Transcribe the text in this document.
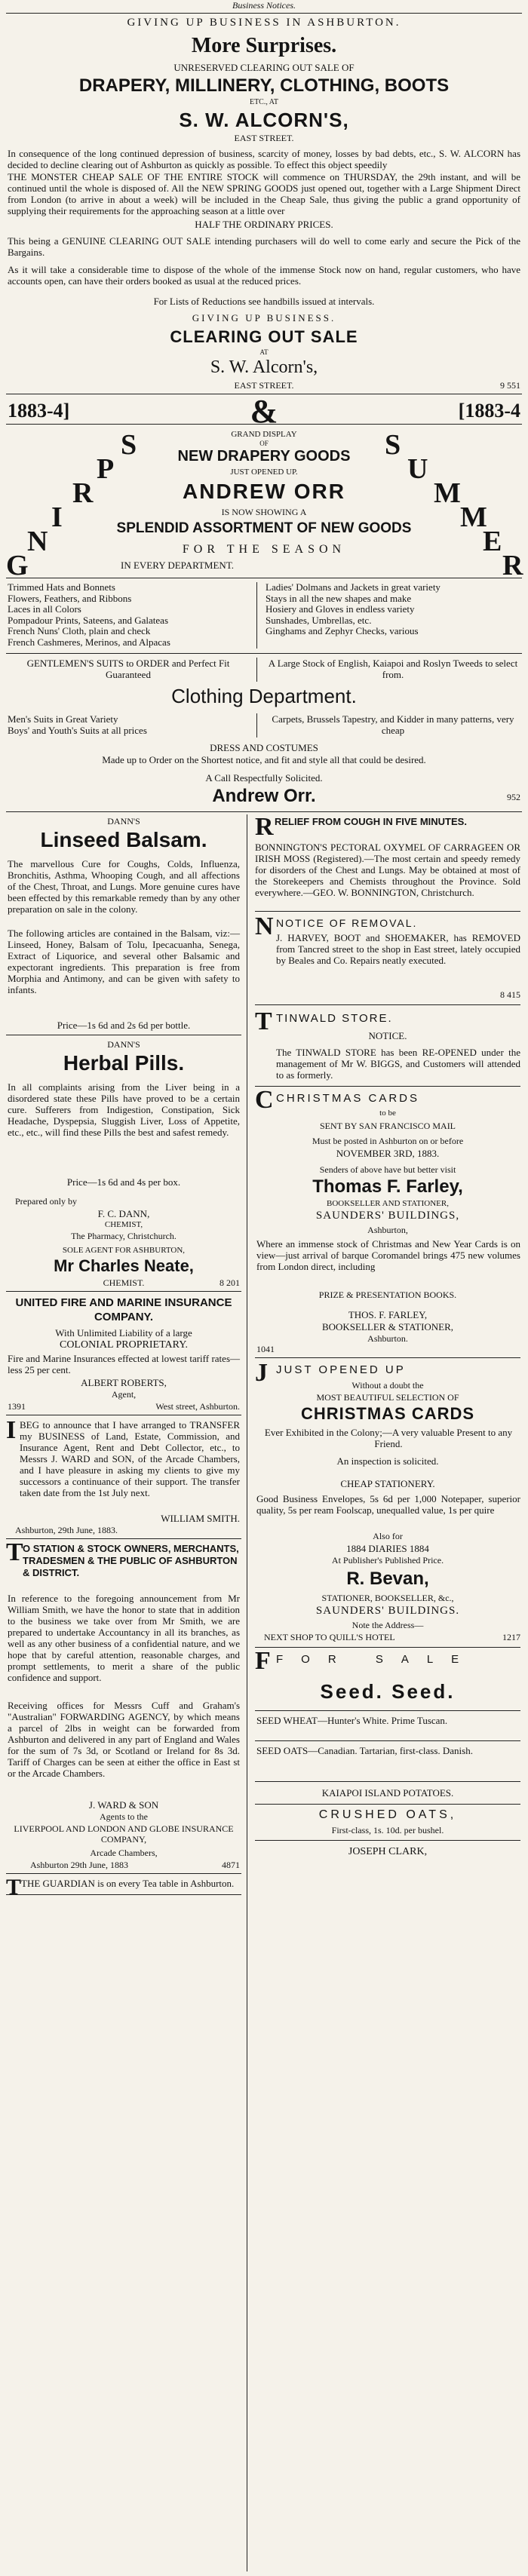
Business Notices.
GIVING UP BUSINESS IN ASHBURTON.
More Surprises.
UNRESERVED CLEARING OUT SALE OF
DRAPERY, MILLINERY, CLOTHING, BOOTS
ETC., AT
S. W. ALCORN'S,
EAST STREET.
In consequence of the long continued depression of business, scarcity of money, losses by bad debts, etc., S. W. ALCORN has decided to decline clearing out of Ashburton as quickly as possible. To effect this object speedily
THE MONSTER CHEAP SALE OF THE ENTIRE STOCK will commence on THURSDAY, the 29th instant, and will be continued until the whole is disposed of. All the NEW SPRING GOODS just opened out, together with a Large Shipment Direct from London (to arrive in about a week) will be included in the Cheap Sale, thus giving the public a grand opportunity of supplying their requirements for the approaching season at a little over
HALF THE ORDINARY PRICES.
This being a GENUINE CLEARING OUT SALE intending purchasers will do well to come early and secure the Pick of the Bargains.
As it will take a considerable time to dispose of the whole of the immense Stock now on hand, regular customers, who have accounts open, can have their orders booked as usual at the reduced prices.
For Lists of Reductions see handbills issued at intervals.
GIVING UP BUSINESS.
CLEARING OUT SALE
AT
S. W. Alcorn's,
EAST STREET.	9 551
1883-4]	&	[1883-4
S
P
R
I
N
G
S
U
M
M
E
R
GRAND DISPLAY
OF
NEW DRAPERY GOODS
JUST OPENED UP.
ANDREW ORR
IS NOW SHOWING A
SPLENDID ASSORTMENT OF NEW GOODS
FOR THE SEASON
IN EVERY DEPARTMENT.
Trimmed Hats and Bonnets
Flowers, Feathers, and Ribbons
Laces in all Colors
Pompadour Prints, Sateens, and Galateas
French Nuns' Cloth, plain and check
French Cashmeres, Merinos, and Alpacas
Ladies' Dolmans and Jackets in great variety
Stays in all the new shapes and make
Hosiery and Gloves in endless variety
Sunshades, Umbrellas, etc.
Ginghams and Zephyr Checks, various
GENTLEMEN'S SUITS to ORDER and Perfect Fit Guaranteed
A Large Stock of English, Kaiapoi and Roslyn Tweeds to select from.
Clothing Department.
Men's Suits in Great Variety
Boys' and Youth's Suits at all prices
Carpets, Brussels Tapestry, and Kidder in many patterns, very cheap
DRESS AND COSTUMES
Made up to Order on the Shortest notice, and fit and style all that could be desired.
A Call Respectfully Solicited.
Andrew Orr.	952
DANN'S
Linseed Balsam.
The marvellous Cure for Coughs, Colds, Influenza, Bronchitis, Asthma, Whooping Cough, and all affections of the Chest, Throat, and Lungs. More genuine cures have been effected by this remarkable remedy than by any other preparation on sale in the colony.
The following articles are contained in the Balsam, viz:—Linseed, Honey, Balsam of Tolu, Ipecacuanha, Senega, Extract of Liquorice, and several other Balsamic and expectorant ingredients. This preparation is free from Morphia and Antimony, and can be given with safety to infants.
Price—1s 6d and 2s 6d per bottle.
DANN'S
Herbal Pills.
In all complaints arising from the Liver being in a disordered state these Pills have proved to be a certain cure. Sufferers from Indigestion, Constipation, Sick Headache, Dyspepsia, Sluggish Liver, Loss of Appetite, etc., etc., will find these Pills the best and safest remedy.
Price—1s 6d and 4s per box.
Prepared only by
F. C. DANN,
CHEMIST,
The Pharmacy, Christchurch.
SOLE AGENT FOR ASHBURTON,
Mr Charles Neate,
CHEMIST.	8 201
UNITED FIRE AND MARINE INSURANCE COMPANY.
With Unlimited Liability of a large
COLONIAL PROPRIETARY.
Fire and Marine Insurances effected at lowest tariff rates—less 25 per cent.
ALBERT ROBERTS,
Agent,
1391	West street, Ashburton.
I BEG to announce that I have arranged to TRANSFER my BUSINESS of Land, Estate, Commission, and Insurance Agent, Rent and Debt Collector, etc., to Messrs J. WARD and SON, of the Arcade Chambers, and I have pleasure in asking my clients to give my successors a continuance of their support. The transfer taken date from the 1st July next.
WILLIAM SMITH.
Ashburton, 29th June, 1883.
T O STATION & STOCK OWNERS, MERCHANTS, TRADESMEN & THE PUBLIC OF ASHBURTON & DISTRICT.
In reference to the foregoing announcement from Mr William Smith, we have the honor to state that in addition to the business we take over from Mr Smith, we are prepared to undertake Accountancy in all its branches, as well as any other business of a confidential nature, and we hope that by careful attention, reasonable charges, and prompt settlements, to merit a share of the public confidence and support.
Receiving offices for Messrs Cuff and Graham's "Australian" FORWARDING AGENCY, by which means a parcel of 2lbs in weight can be forwarded from Ashburton and delivered in any part of England and Wales for the sum of 7s 3d, or Scotland or Ireland for 8s 3d. Tariff of Charges can be seen at either the office in East st or the Arcade Chambers.
J. WARD & SON
Agents to the
LIVERPOOL AND LONDON AND GLOBE INSURANCE COMPANY,
Arcade Chambers,
Ashburton 29th June, 1883	4871
T THE GUARDIAN is on every Tea table in Ashburton.
R RELIEF FROM COUGH IN FIVE MINUTES.
BONNINGTON'S PECTORAL OXYMEL OF CARRAGEEN OR IRISH MOSS (Registered).—The most certain and speedy remedy for disorders of the Chest and Lungs. May be obtained at most of the Storekeepers and Chemists throughout the Province. Sold everywhere.—GEO. W. BONNINGTON, Christchurch.
N NOTICE OF REMOVAL.
J. HARVEY, BOOT and SHOEMAKER, has REMOVED from Tancred street to the shop in East street, lately occupied by Beales and Co. Repairs neatly executed.
8 415
T TINWALD STORE.
NOTICE.
The TINWALD STORE has been RE-OPENED under the management of Mr W. BIGGS, and Customers will attended to as formerly.
C CHRISTMAS CARDS
to be
SENT BY SAN FRANCISCO MAIL
Must be posted in Ashburton on or before
NOVEMBER 3RD, 1883.
Senders of above have but better visit
Thomas F. Farley,
BOOKSELLER AND STATIONER,
SAUNDERS' BUILDINGS,
Ashburton,
Where an immense stock of Christmas and New Year Cards is on view—just arrival of barque Coromandel brings 475 new volumes from London direct, including
PRIZE & PRESENTATION BOOKS.
THOS. F. FARLEY,
BOOKSELLER & STATIONER,
Ashburton.
1041
J JUST OPENED UP
Without a doubt the
MOST BEAUTIFUL SELECTION OF
CHRISTMAS CARDS
Ever Exhibited in the Colony;—A very valuable Present to any Friend.
An inspection is solicited.
CHEAP STATIONERY.
Good Business Envelopes, 5s 6d per 1,000 Notepaper, superior quality, 5s per ream Foolscap, unequalled value, 1s per quire
Also for
1884 DIARIES 1884
At Publisher's Published Price.
R. Bevan,
STATIONER, BOOKSELLER, &c.,
SAUNDERS' BUILDINGS.
Note the Address—
NEXT SHOP TO QUILL'S HOTEL	1217
F FOR SALE
Seed. Seed.
SEED WHEAT—Hunter's White. Prime Tuscan.
SEED OATS—Canadian. Tartarian, first-class. Danish.
KAIAPOI ISLAND POTATOES.
CRUSHED OATS,
First-class, 1s. 10d. per bushel.
JOSEPH CLARK,
